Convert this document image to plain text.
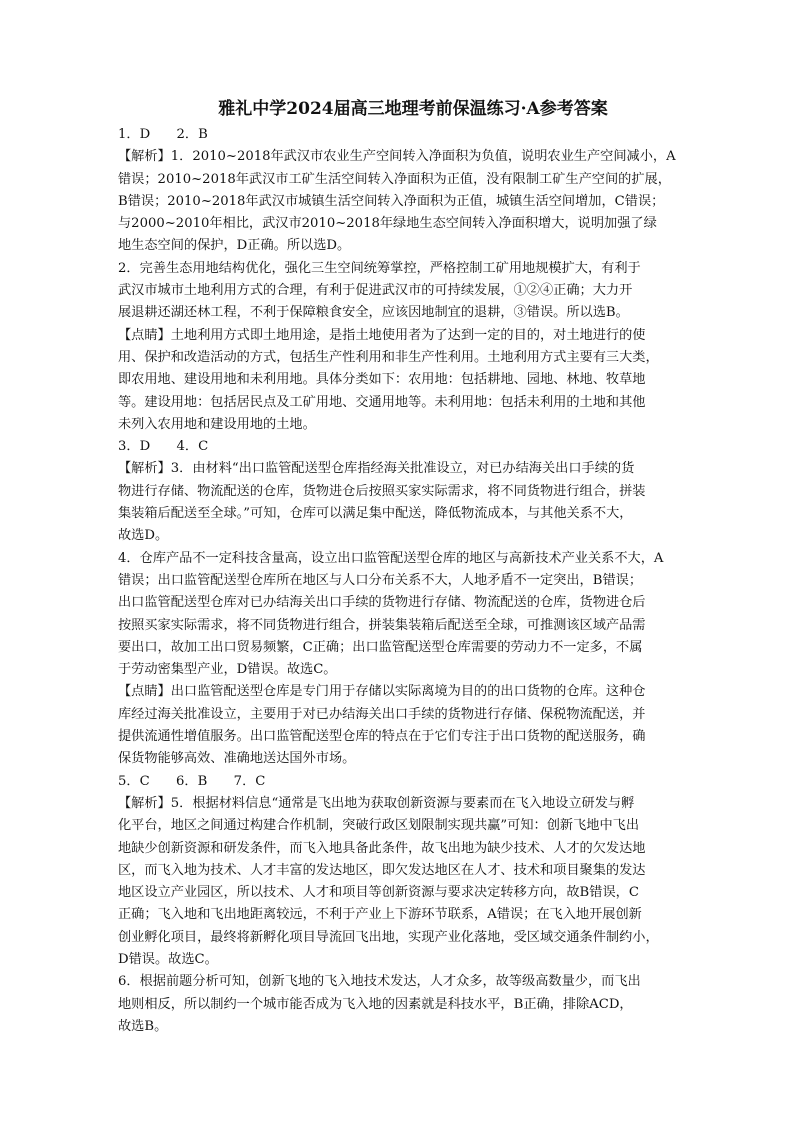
雅礼中学2024届高三地理考前保温练习·A参考答案
1．D　　2．B
【解析】1．2010~2018年武汉市农业生产空间转入净面积为负值，说明农业生产空间减小，A
错误；2010~2018年武汉市工矿生活空间转入净面积为正值，没有限制工矿生产空间的扩展，
B错误；2010~2018年武汉市城镇生活空间转入净面积为正值，城镇生活空间增加，C错误；
与2000~2010年相比，武汉市2010~2018年绿地生态空间转入净面积增大，说明加强了绿
地生态空间的保护，D正确。所以选D。
2．完善生态用地结构优化，强化三生空间统筹掌控，严格控制工矿用地规模扩大，有利于
武汉市城市土地利用方式的合理，有利于促进武汉市的可持续发展，①②④正确；大力开
展退耕还湖还林工程，不利于保障粮食安全，应该因地制宜的退耕，③错误。所以选B。
【点睛】土地利用方式即土地用途，是指土地使用者为了达到一定的目的，对土地进行的使
用、保护和改造活动的方式，包括生产性利用和非生产性利用。土地利用方式主要有三大类，
即农用地、建设用地和未利用地。具体分类如下：农用地：包括耕地、园地、林地、牧草地
等。建设用地：包括居民点及工矿用地、交通用地等。未利用地：包括未利用的土地和其他
未列入农用地和建设用地的土地。
3．D　　4．C
【解析】3．由材料“出口监管配送型仓库指经海关批准设立，对已办结海关出口手续的货
物进行存储、物流配送的仓库，货物进仓后按照买家实际需求，将不同货物进行组合，拼装
集装箱后配送至全球。”可知，仓库可以满足集中配送，降低物流成本，与其他关系不大，
故选D。
4．仓库产品不一定科技含量高，设立出口监管配送型仓库的地区与高新技术产业关系不大，A
错误；出口监管配送型仓库所在地区与人口分布关系不大，人地矛盾不一定突出，B错误；
出口监管配送型仓库对已办结海关出口手续的货物进行存储、物流配送的仓库，货物进仓后
按照买家实际需求，将不同货物进行组合，拼装集装箱后配送至全球，可推测该区域产品需
要出口，故加工出口贸易频繁，C正确；出口监管配送型仓库需要的劳动力不一定多，不属
于劳动密集型产业，D错误。故选C。
【点睛】出口监管配送型仓库是专门用于存储以实际离境为目的的出口货物的仓库。这种仓
库经过海关批准设立，主要用于对已办结海关出口手续的货物进行存储、保税物流配送，并
提供流通性增值服务。出口监管配送型仓库的特点在于它们专注于出口货物的配送服务，确
保货物能够高效、准确地送达国外市场。
5．C　　6．B　　7．C
【解析】5．根据材料信息“通常是飞出地为获取创新资源与要素而在飞入地设立研发与孵
化平台，地区之间通过构建合作机制，突破行政区划限制实现共赢”可知：创新飞地中飞出
地缺少创新资源和研发条件，而飞入地具备此条件，故飞出地为缺少技术、人才的欠发达地
区，而飞入地为技术、人才丰富的发达地区，即欠发达地区在人才、技术和项目聚集的发达
地区设立产业园区，所以技术、人才和项目等创新资源与要求决定转移方向，故B错误，C
正确；飞入地和飞出地距离较远，不利于产业上下游环节联系，A错误；在飞入地开展创新
创业孵化项目，最终将新孵化项目导流回飞出地，实现产业化落地，受区域交通条件制约小，
D错误。故选C。
6．根据前题分析可知，创新飞地的飞入地技术发达，人才众多，故等级高数量少，而飞出
地则相反，所以制约一个城市能否成为飞入地的因素就是科技水平，B正确，排除ACD，
故选B。
